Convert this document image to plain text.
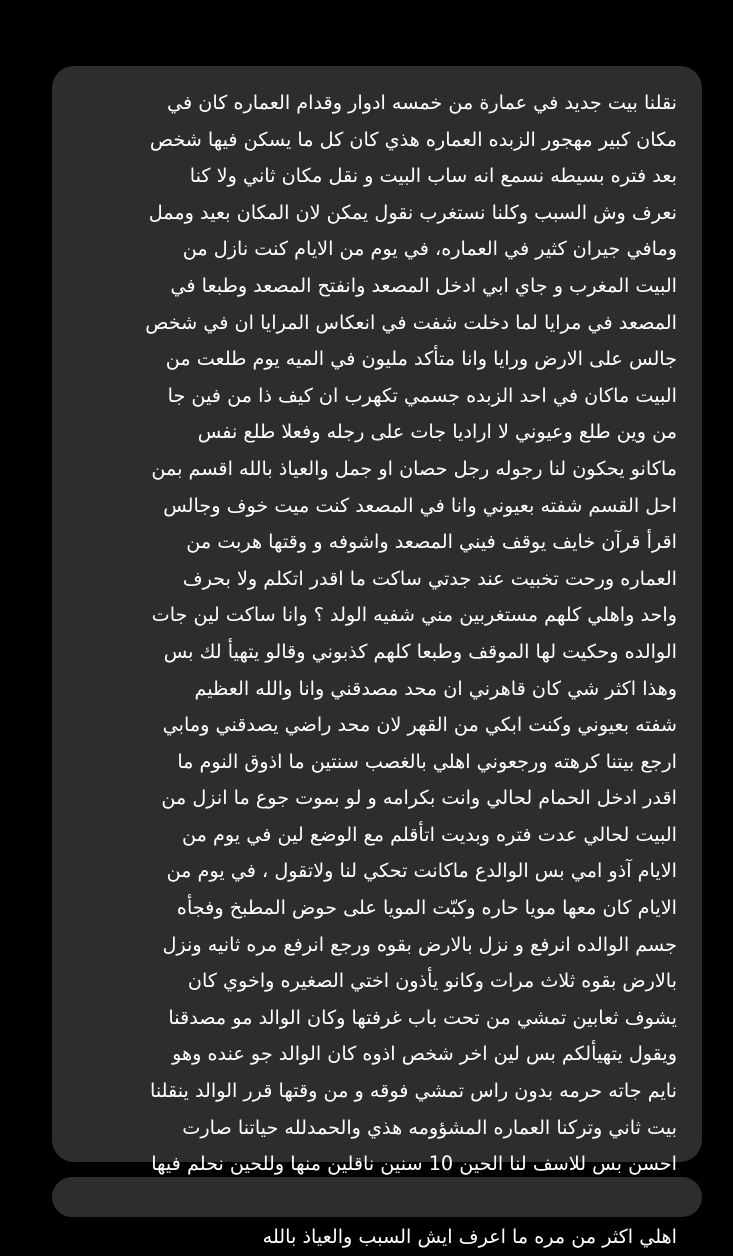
نقلنا بيت جديد في عمارة من خمسه ادوار وقدام العماره كان في
مكان كبير مهجور الزبده العماره هذي كان كل ما يسكن فيها شخص
بعد فتره بسيطه نسمع انه ساب البيت و نقل مكان ثاني ولا كنا
نعرف وش السبب وكلنا نستغرب نقول يمكن لان المكان بعيد وممل
ومافي جيران كثير في العماره، في يوم من الايام كنت نازل من
البيت المغرب و جاي ابي ادخل المصعد وانفتح المصعد وطبعا في
المصعد في مرايا لما دخلت شفت في انعكاس المرايا ان في شخص
جالس على الارض ورايا وانا متأكد مليون في الميه يوم طلعت من
البيت ماكان في احد الزبده جسمي تكهرب ان كيف ذا من فين جا
من وين طلع وعيوني لا اراديا جات على رجله وفعلا طلع نفس
ماكانو يحكون لنا رجوله رجل حصان او جمل والعياذ بالله اقسم بمن
احل القسم شفته بعيوني وانا في المصعد كنت ميت خوف وجالس
اقرأ قرآن خايف يوقف فيني المصعد واشوفه و وقتها هربت من
العماره ورحت تخبيت عند جدتي ساكت ما اقدر اتكلم ولا بحرف
واحد واهلي كلهم مستغربين مني شفيه الولد ؟ وانا ساكت لين جات
الوالده وحكيت لها الموقف وطبعا كلهم كذبوني وقالو يتهيأ لك بس
وهذا اكثر شي كان قاهرني ان محد مصدقني وانا والله العظيم
شفته بعيوني وكنت ابكي من القهر لان محد راضي يصدقني ومابي
ارجع بيتنا كرهته ورجعوني اهلي بالغصب سنتين ما اذوق النوم ما
اقدر ادخل الحمام لحالي وانت بكرامه و لو بموت جوع ما انزل من
البيت لحالي عدت فتره وبديت اتأقلم مع الوضع لين في يوم من
الايام آذو امي بس الوالدع ماكانت تحكي لنا ولاتقول ، في يوم من
الايام كان معها مويا حاره وكبّت المويا على حوض المطبخ وفجأه
جسم الوالده انرفع و نزل بالارض بقوه ورجع انرفع مره ثانيه ونزل
بالارض بقوه ثلاث مرات وكانو يأذون اختي الصغيره واخوي كان
يشوف ثعابين تمشي من تحت باب غرفتها وكان الوالد مو مصدقنا
ويقول يتهيألكم بس لين اخر شخص اذوه كان الوالد جو عنده وهو
نايم جاته حرمه بدون راس تمشي فوقه و من وقتها قرر الوالد ينقلنا
بيت ثاني وتركنا العماره المشؤومه هذي والحمدلله حياتنا صارت
احسن بس للاسف لنا الحين 10 سنين ناقلين منها وللحين نحلم فيها
اهلي اكثر من مره ما اعرف ايش السبب والعياذ بالله
